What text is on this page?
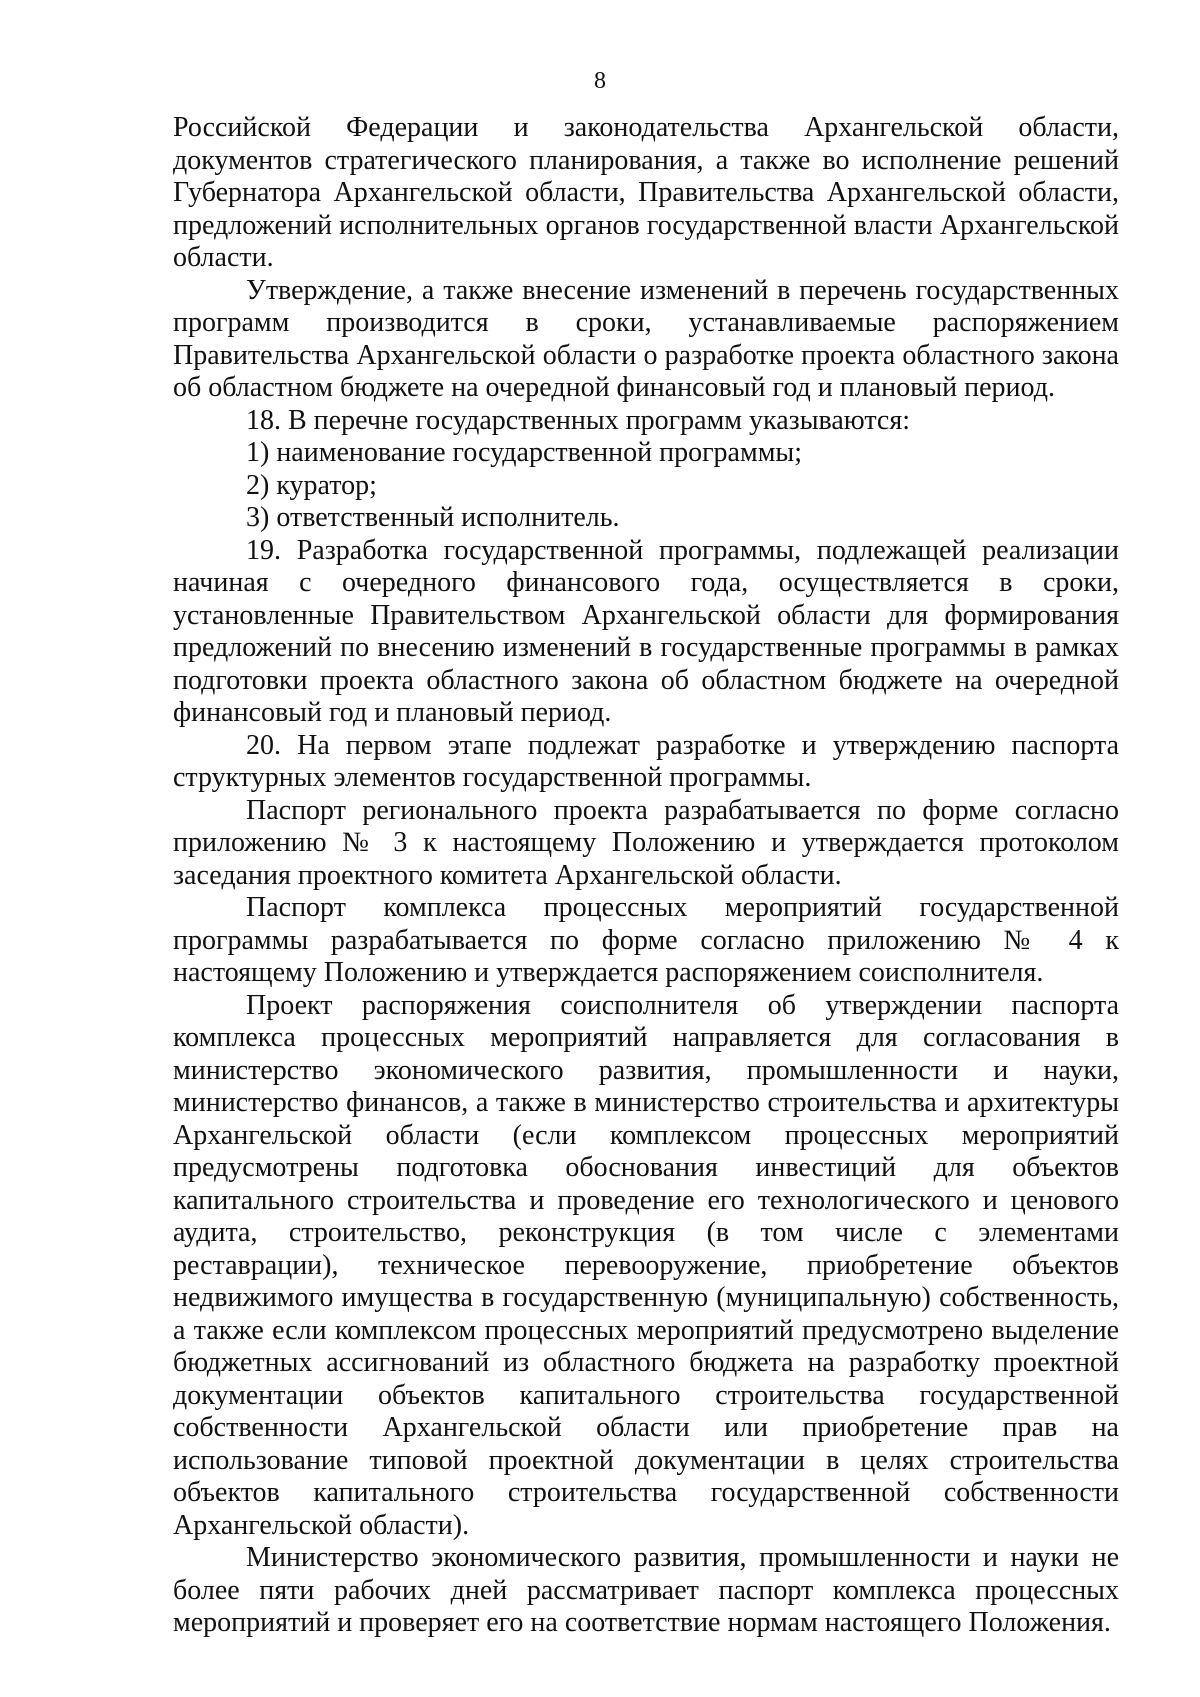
8

Российской Федерации и законодательства Архангельской области, документов стратегического планирования, а также во исполнение решений Губернатора Архангельской области, Правительства Архангельской области, предложений исполнительных органов государственной власти Архангельской области.

Утверждение, а также внесение изменений в перечень государственных программ производится в сроки, устанавливаемые распоряжением Правительства Архангельской области о разработке проекта областного закона об областном бюджете на очередной финансовый год и плановый период.

18. В перечне государственных программ указываются:

1) наименование государственной программы;

2) куратор;

3) ответственный исполнитель.

19. Разработка государственной программы, подлежащей реализации начиная с очередного финансового года, осуществляется в сроки, установленные Правительством Архангельской области для формирования предложений по внесению изменений в государственные программы в рамках подготовки проекта областного закона об областном бюджете на очередной финансовый год и плановый период.

20. На первом этапе подлежат разработке и утверждению паспорта структурных элементов государственной программы.

Паспорт регионального проекта разрабатывается по форме согласно приложению № 3 к настоящему Положению и утверждается протоколом заседания проектного комитета Архангельской области.

Паспорт комплекса процессных мероприятий государственной программы разрабатывается по форме согласно приложению № 4 к настоящему Положению и утверждается распоряжением соисполнителя.

Проект распоряжения соисполнителя об утверждении паспорта комплекса процессных мероприятий направляется для согласования в министерство экономического развития, промышленности и науки, министерство финансов, а также в министерство строительства и архитектуры Архангельской области (если комплексом процессных мероприятий предусмотрены подготовка обоснования инвестиций для объектов капитального строительства и проведение его технологического и ценового аудита, строительство, реконструкция (в том числе с элементами реставрации), техническое перевооружение, приобретение объектов недвижимого имущества в государственную (муниципальную) собственность, а также если комплексом процессных мероприятий предусмотрено выделение бюджетных ассигнований из областного бюджета на разработку проектной документации объектов капитального строительства государственной собственности Архангельской области или приобретение прав на использование типовой проектной документации в целях строительства объектов капитального строительства государственной собственности Архангельской области).

Министерство экономического развития, промышленности и науки не более пяти рабочих дней рассматривает паспорт комплекса процессных мероприятий и проверяет его на соответствие нормам настоящего Положения.
